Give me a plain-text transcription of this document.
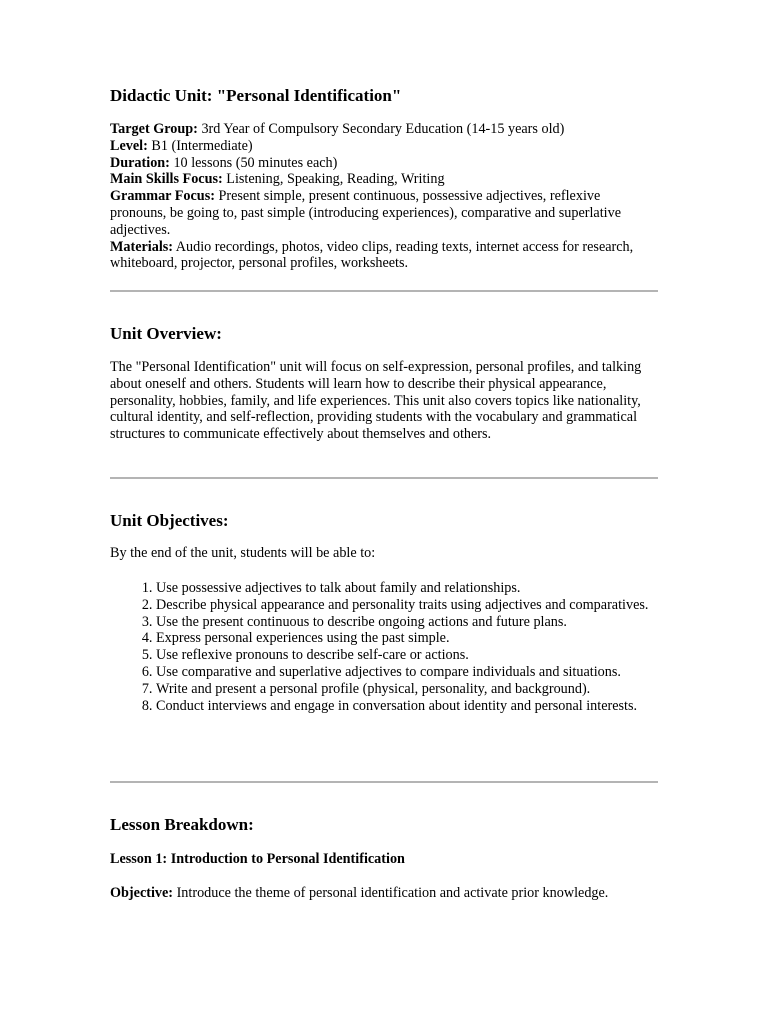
Didactic Unit: "Personal Identification"

Target Group: 3rd Year of Compulsory Secondary Education (14-15 years old)

Level: B1 (Intermediate)

Duration: 10 lessons (50 minutes each)

Main Skills Focus: Listening, Speaking, Reading, Writing

Grammar Focus: Present simple, present continuous, possessive adjectives, reflexive pronouns, be going to, past simple (introducing experiences), comparative and superlative adjectives.

Materials: Audio recordings, photos, video clips, reading texts, internet access for research, whiteboard, projector, personal profiles, worksheets.

Unit Overview:

The "Personal Identification" unit will focus on self-expression, personal profiles, and talking about oneself and others. Students will learn how to describe their physical appearance, personality, hobbies, family, and life experiences. This unit also covers topics like nationality, cultural identity, and self-reflection, providing students with the vocabulary and grammatical structures to communicate effectively about themselves and others.

Unit Objectives:

By the end of the unit, students will be able to:

1. Use possessive adjectives to talk about family and relationships.
2. Describe physical appearance and personality traits using adjectives and comparatives.
3. Use the present continuous to describe ongoing actions and future plans.
4. Express personal experiences using the past simple.
5. Use reflexive pronouns to describe self-care or actions.
6. Use comparative and superlative adjectives to compare individuals and situations.
7. Write and present a personal profile (physical, personality, and background).
8. Conduct interviews and engage in conversation about identity and personal interests.
Lesson Breakdown:

Lesson 1: Introduction to Personal Identification

Objective: Introduce the theme of personal identification and activate prior knowledge.
